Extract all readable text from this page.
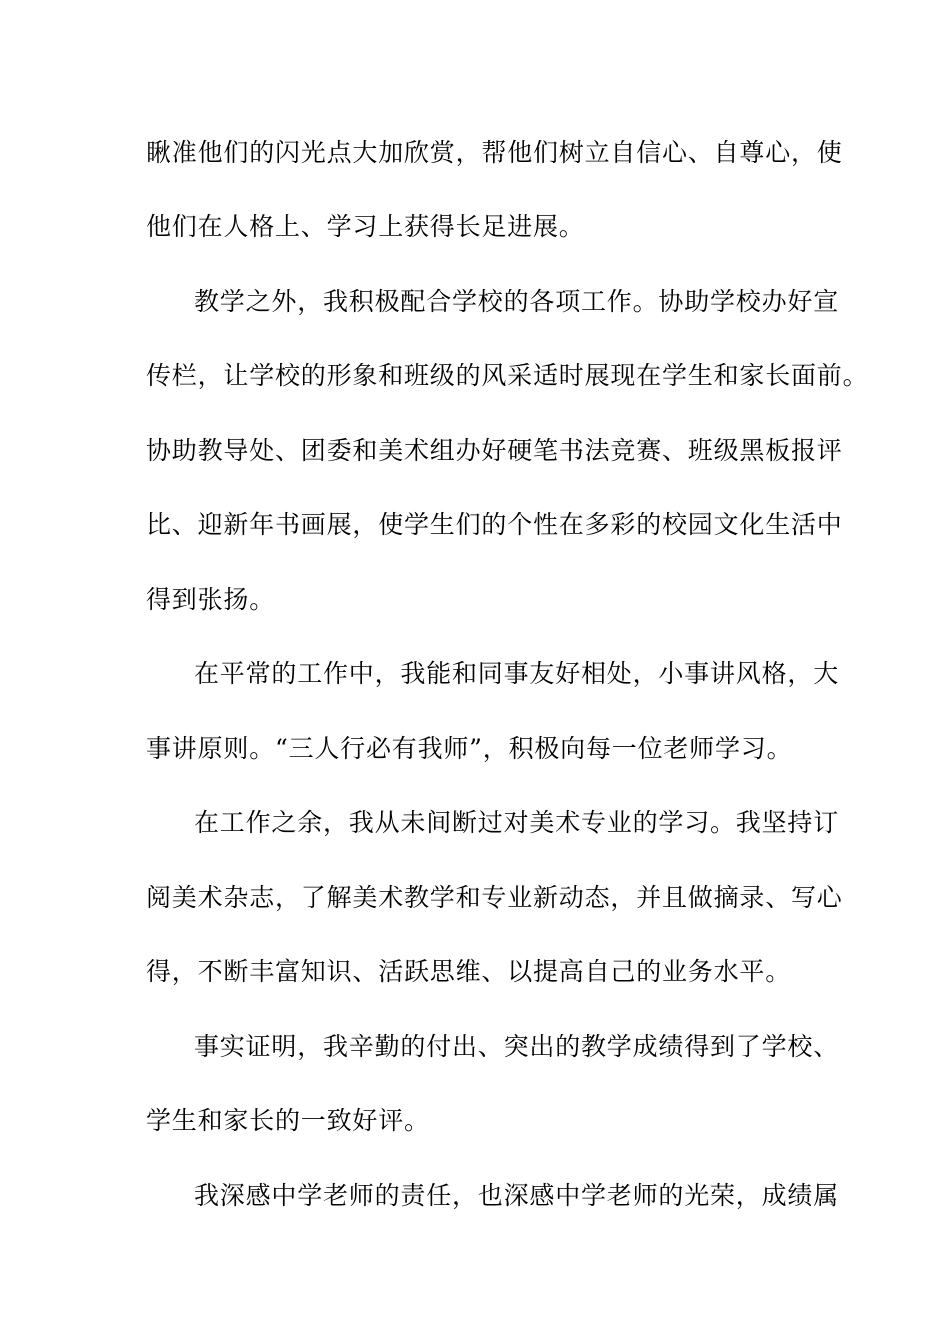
瞅准他们的闪光点大加欣赏，帮他们树立自信心、自尊心，使
他们在人格上、学习上获得长足进展。
教学之外，我积极配合学校的各项工作。协助学校办好宣
传栏，让学校的形象和班级的风采适时展现在学生和家长面前。
协助教导处、团委和美术组办好硬笔书法竞赛、班级黑板报评
比、迎新年书画展，使学生们的个性在多彩的校园文化生活中
得到张扬。
在平常的工作中，我能和同事友好相处，小事讲风格，大
事讲原则。“三人行必有我师”，积极向每一位老师学习。
在工作之余，我从未间断过对美术专业的学习。我坚持订
阅美术杂志，了解美术教学和专业新动态，并且做摘录、写心
得，不断丰富知识、活跃思维、以提高自己的业务水平。
事实证明，我辛勤的付出、突出的教学成绩得到了学校、
学生和家长的一致好评。
我深感中学老师的责任，也深感中学老师的光荣，成绩属
